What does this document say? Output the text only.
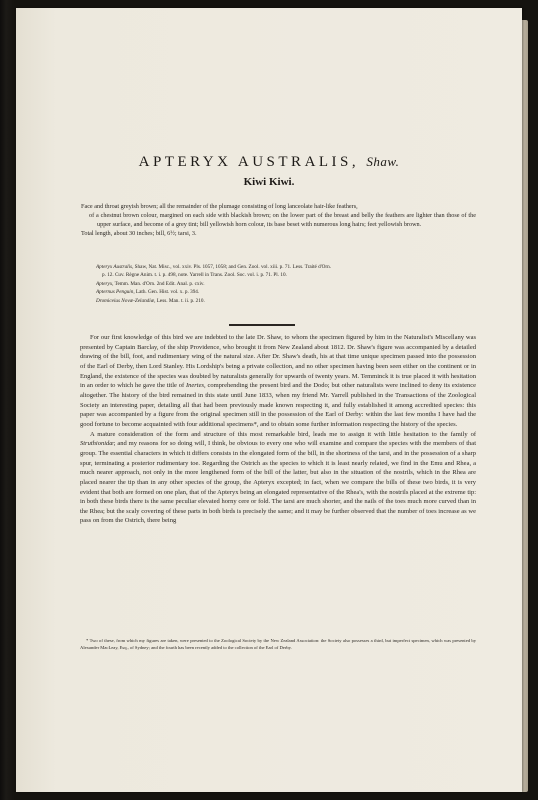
APTERYX AUSTRALIS, Shaw.
Kiwi Kiwi.

Face and throat greyish brown; all the remainder of the plumage consisting of long lanceolate hair-like feathers,

of a chestnut brown colour, margined on each side with blackish brown; on the lower part of the breast and belly the feathers are lighter than those of the upper surface, and become of a grey tint; bill yellowish horn colour, its base beset with numerous long hairs; feet yellowish brown.

Total length, about 30 inches; bill, 6½; tarsi, 3.

Apteryx Australis, Shaw, Nat. Misc., vol. xxiv. Pls. 1057, 1058; and Gen. Zool. vol. xiii. p. 71. Less. Traité d'Orn.
p. 12. Cuv. Règne Anim. t. i. p. 498, note. Yarrell in Trans. Zool. Soc. vol. i. p. 71. Pl. 10.
Apteryx, Temm. Man. d'Orn. 2nd Edit. Anal. p. cxiv.
Apternus Penguin, Lath. Gen. Hist. vol. x. p. 394.
Dromiceius Novæ-Zelandiæ, Less. Man. t. ii. p. 210.

For our first knowledge of this bird we are indebted to the late Dr. Shaw, to whom the specimen figured by him in the Naturalist's Miscellany was presented by Captain Barclay, of the ship Providence, who brought it from New Zealand about 1812. Dr. Shaw's figure was accompanied by a detailed drawing of the bill, foot, and rudimentary wing of the natural size. After Dr. Shaw's death, his at that time unique specimen passed into the possession of the Earl of Derby, then Lord Stanley. His Lordship's being a private collection, and no other specimen having been seen either on the continent or in England, the existence of the species was doubted by naturalists generally for upwards of twenty years. M. Temminck it is true placed it with hesitation in an order to which he gave the title of Inertes, comprehending the present bird and the Dodo; but other naturalists were inclined to deny its existence altogether. The history of the bird remained in this state until June 1833, when my friend Mr. Yarrell published in the Transactions of the Zoological Society an interesting paper, detailing all that had been previously made known respecting it, and fully established it among accredited species: this paper was accompanied by a figure from the original specimen still in the possession of the Earl of Derby: within the last few months I have had the good fortune to become acquainted with four additional specimens*, and to obtain some further information respecting the history of the species.

A mature consideration of the form and structure of this most remarkable bird, leads me to assign it with little hesitation to the family of Struthionidæ; and my reasons for so doing will, I think, be obvious to every one who will examine and compare the species with the members of that group. The essential characters in which it differs consists in the elongated form of the bill, in the shortness of the tarsi, and in the possession of a sharp spur, terminating a posterior rudimentary toe. Regarding the Ostrich as the species to which it is least nearly related, we find in the Emu and Rhea, a much nearer approach, not only in the more lengthened form of the bill of the latter, but also in the situation of the nostrils, which in the Rhea are placed nearer the tip than in any other species of the group, the Apteryx excepted; in fact, when we compare the bills of these two birds, it is very evident that both are formed on one plan, that of the Apteryx being an elongated representative of the Rhea's, with the nostrils placed at the extreme tip: in both these birds there is the same peculiar elevated horny cere or fold. The tarsi are much shorter, and the nails of the toes much more curved than in the Rhea; but the scaly covering of these parts in both birds is precisely the same; and it may be further observed that the number of toes increase as we pass on from the Ostrich, there being

* Two of these, from which my figures are taken, were presented to the Zoological Society by the New Zealand Association: the Society also possesses a third, but imperfect specimen, which was presented by Alexander MacLeay, Esq., of Sydney; and the fourth has been recently added to the collection of the Earl of Derby.
